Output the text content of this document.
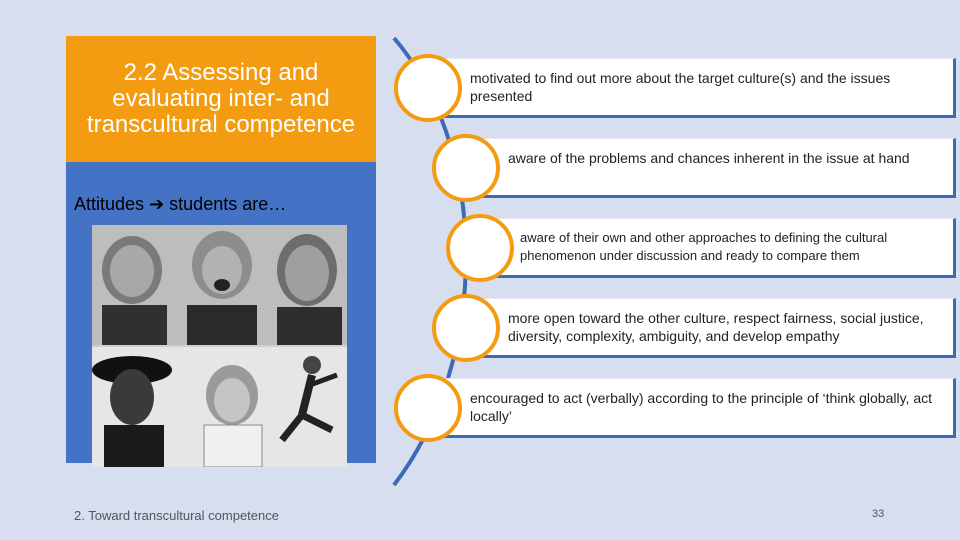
2.2 Assessing and evaluating inter- and transcultural competence
Attitudes ➔ students are…
motivated to find out more about the target culture(s) and the issues presented
aware of the problems and chances inherent in the issue at hand
aware of their own and other approaches to defining the cultural phenomenon under discussion and ready to compare them
more open toward the other culture, respect fairness, social justice, diversity, complexity, ambiguity, and develop empathy
encouraged to act (verbally) according to the principle of ‘think globally, act locally’
2. Toward transcultural competence	33
